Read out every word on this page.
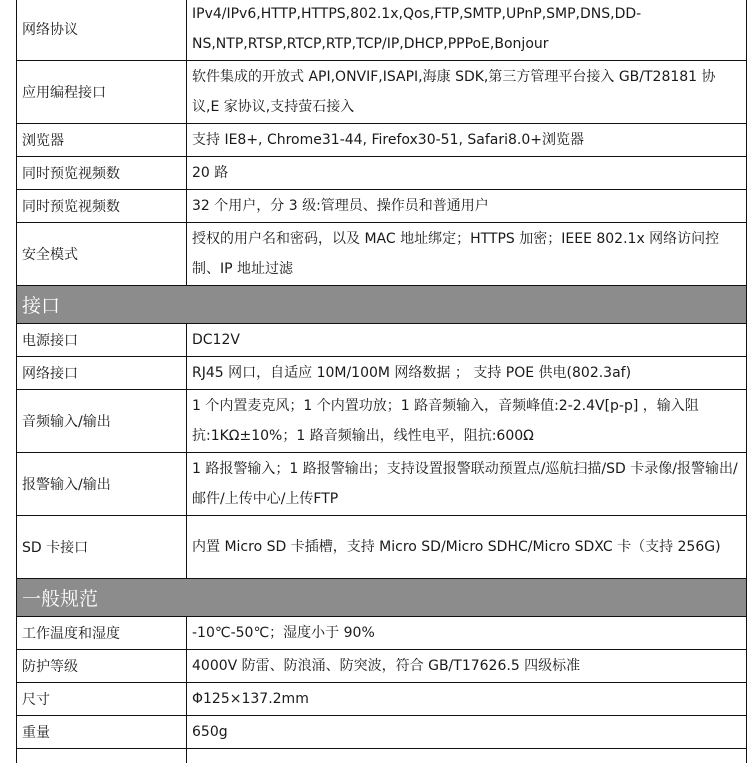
网络协议	IPv4/IPv6,HTTP,HTTPS,802.1x,Qos,FTP,SMTP,UPnP,SMP,DNS,DD-NS,NTP,RTSP,RTCP,RTP,TCP/IP,DHCP,PPPoE,Bonjour
应用编程接口	软件集成的开放式 API,ONVIF,ISAPI,海康 SDK,第三方管理平台接入 GB/T28181 协议,E 家协议,支持萤石接入
浏览器	支持 IE8+, Chrome31-44, Firefox30-51, Safari8.0+浏览器
同时预览视频数	20 路
同时预览视频数	32 个用户，分 3 级:管理员、操作员和普通用户
安全模式	授权的用户名和密码，以及 MAC 地址绑定；HTTPS 加密；IEEE 802.1x 网络访问控制、IP 地址过滤
接口	
电源接口	DC12V
网络接口	RJ45 网口，自适应 10M/100M 网络数据 ； 支持 POE 供电(802.3af)
音频输入/输出	1 个内置麦克风；1 个内置功放；1 路音频输入，音频峰值:2-2.4V[p-p] ，输入阻抗:1KΩ±10%；1 路音频输出，线性电平，阻抗:600Ω
报警输入/输出	1 路报警输入；1 路报警输出；支持设置报警联动预置点/巡航扫描/SD 卡录像/报警输出/邮件/上传中心/上传FTP
SD 卡接口	内置 Micro SD 卡插槽，支持 Micro SD/Micro SDHC/Micro SDXC 卡（支持 256G)
一般规范	
工作温度和湿度	-10℃-50℃；湿度小于 90%
防护等级	4000V 防雷、防浪涌、防突波，符合 GB/T17626.5 四级标准
尺寸	Φ125×137.2mm
重量	650g
